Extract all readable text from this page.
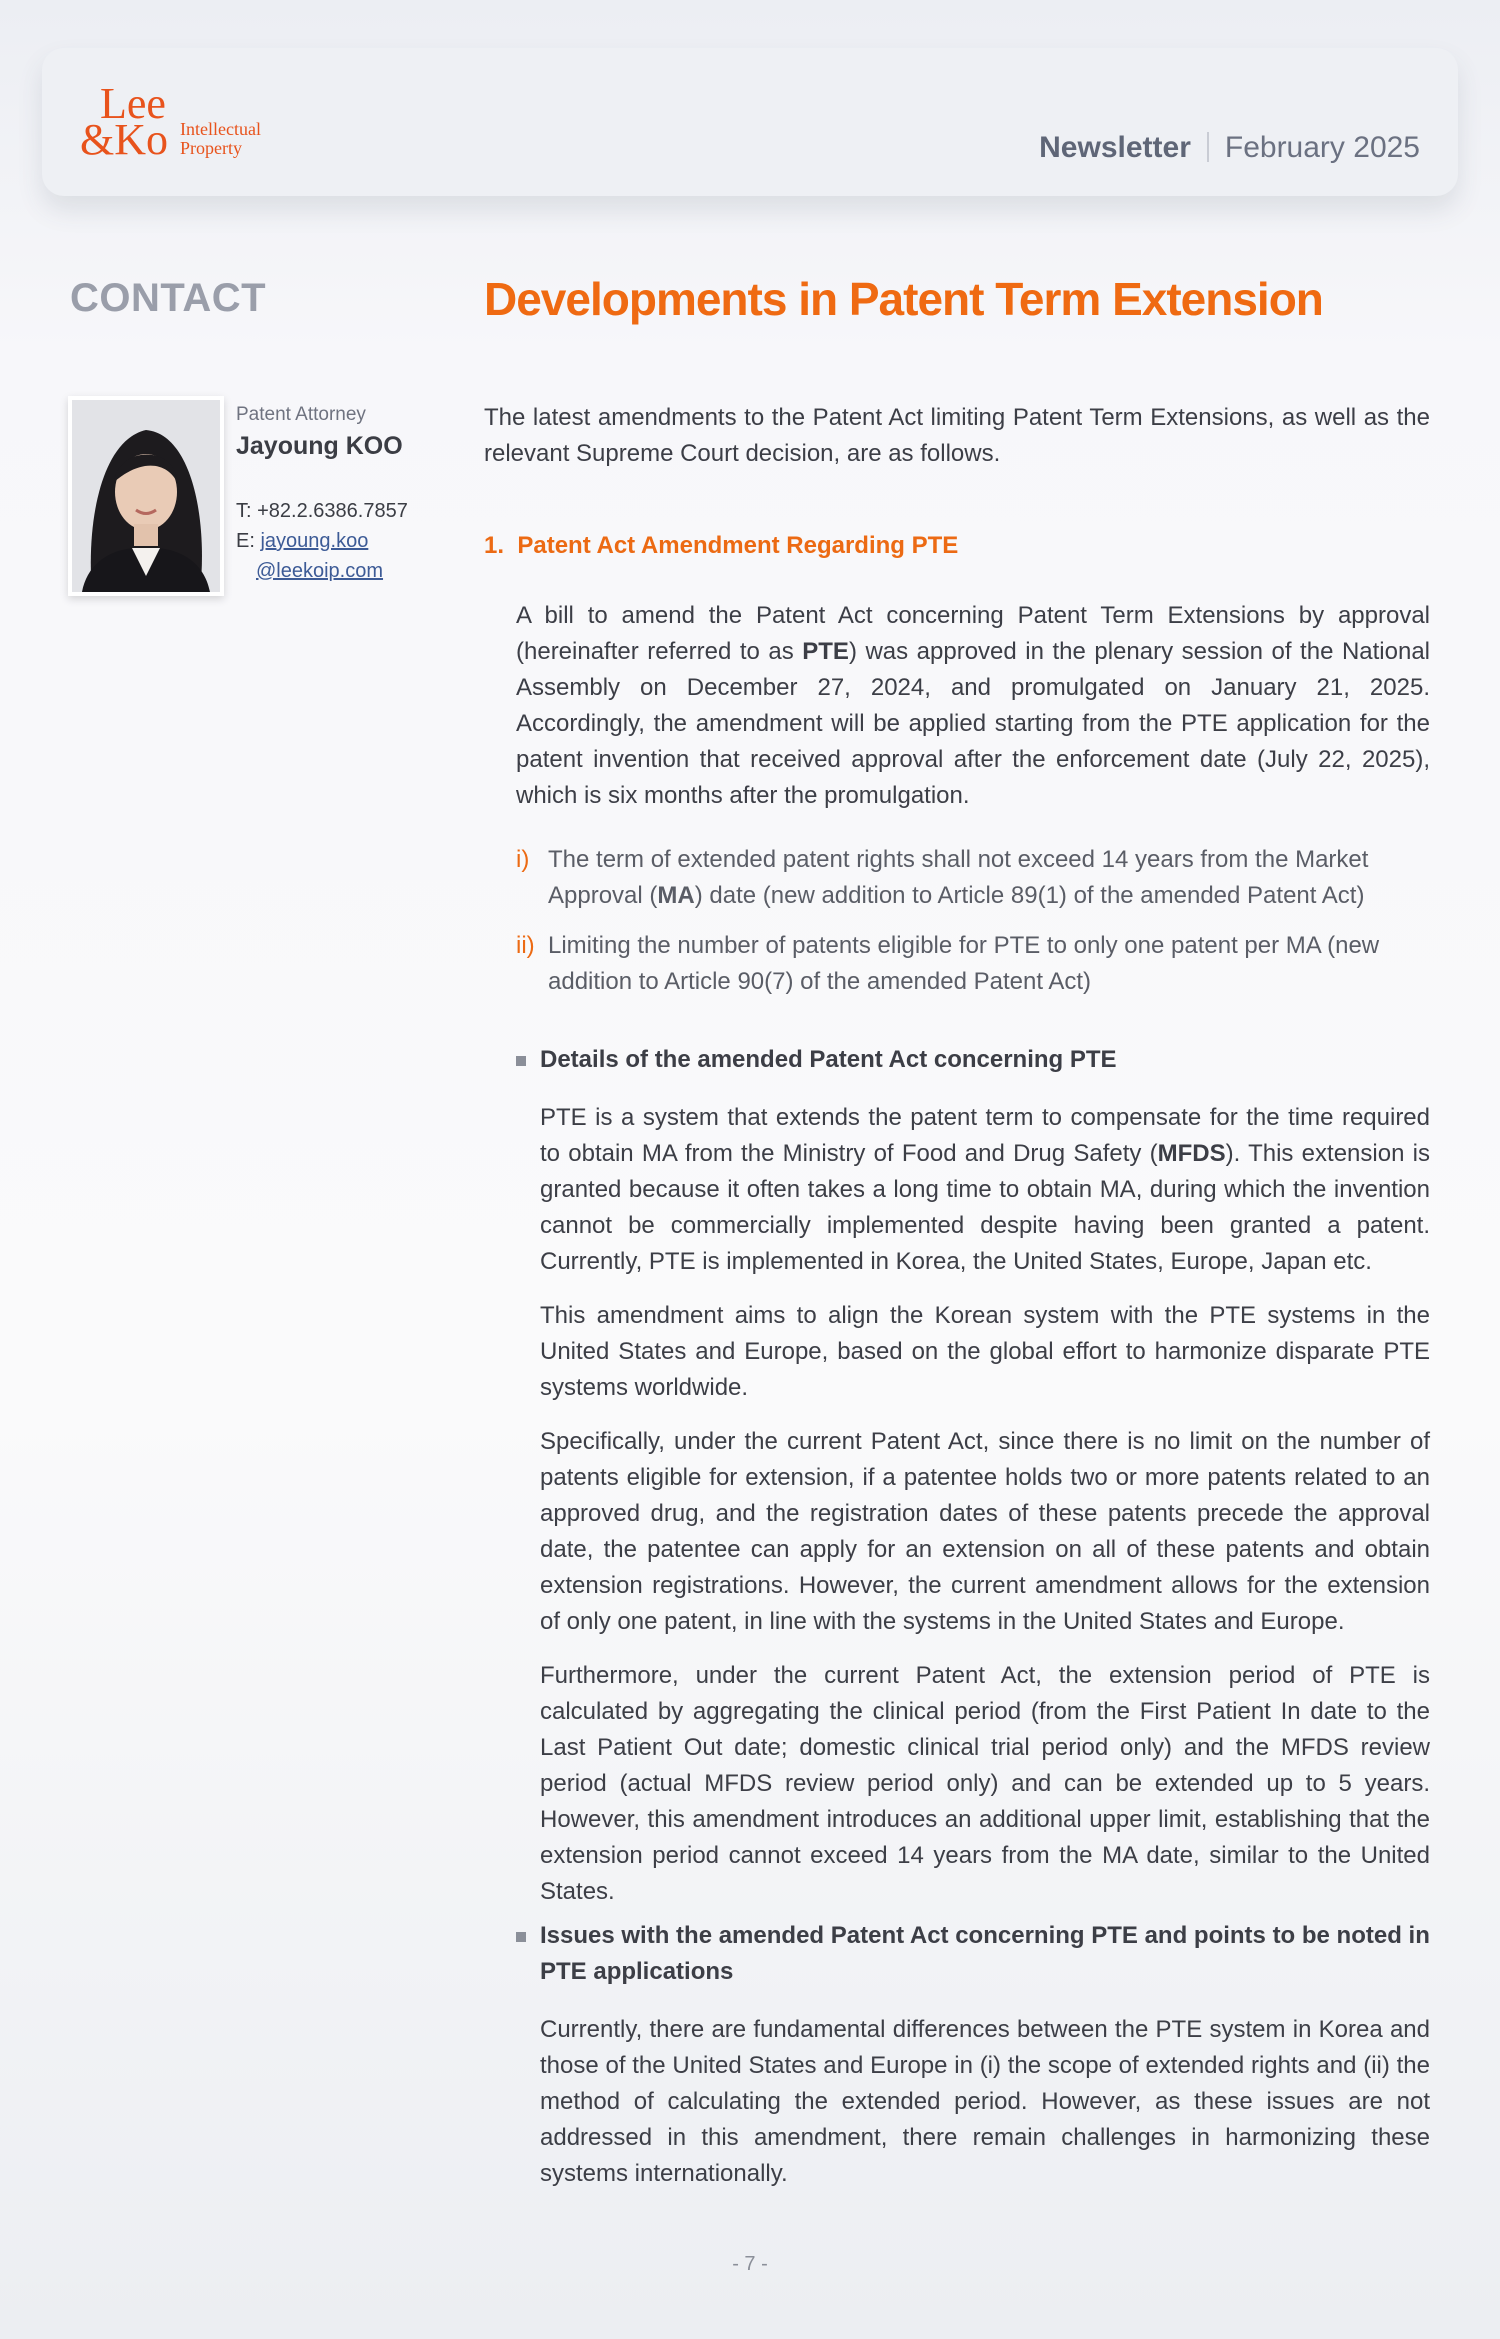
Lee
&Ko Intellectual
Property	Newsletter February 2025
CONTACT
Patent Attorney
Jayoung KOO
T: +82.2.6386.7857
E: jayoung.koo
@leekoip.com
Developments in Patent Term Extension
The latest amendments to the Patent Act limiting Patent Term Extensions, as well as the relevant Supreme Court decision, are as follows.
1. Patent Act Amendment Regarding PTE
A bill to amend the Patent Act concerning Patent Term Extensions by approval (hereinafter referred to as PTE) was approved in the plenary session of the National Assembly on December 27, 2024, and promulgated on January 21, 2025. Accordingly, the amendment will be applied starting from the PTE application for the patent invention that received approval after the enforcement date (July 22, 2025), which is six months after the promulgation.
i) The term of extended patent rights shall not exceed 14 years from the Market Approval (MA) date (new addition to Article 89(1) of the amended Patent Act)
ii) Limiting the number of patents eligible for PTE to only one patent per MA (new addition to Article 90(7) of the amended Patent Act)
Details of the amended Patent Act concerning PTE
PTE is a system that extends the patent term to compensate for the time required to obtain MA from the Ministry of Food and Drug Safety (MFDS). This extension is granted because it often takes a long time to obtain MA, during which the invention cannot be commercially implemented despite having been granted a patent. Currently, PTE is implemented in Korea, the United States, Europe, Japan etc.
This amendment aims to align the Korean system with the PTE systems in the United States and Europe, based on the global effort to harmonize disparate PTE systems worldwide.
Specifically, under the current Patent Act, since there is no limit on the number of patents eligible for extension, if a patentee holds two or more patents related to an approved drug, and the registration dates of these patents precede the approval date, the patentee can apply for an extension on all of these patents and obtain extension registrations. However, the current amendment allows for the extension of only one patent, in line with the systems in the United States and Europe.
Furthermore, under the current Patent Act, the extension period of PTE is calculated by aggregating the clinical period (from the First Patient In date to the Last Patient Out date; domestic clinical trial period only) and the MFDS review period (actual MFDS review period only) and can be extended up to 5 years. However, this amendment introduces an additional upper limit, establishing that the extension period cannot exceed 14 years from the MA date, similar to the United States.
Issues with the amended Patent Act concerning PTE and points to be noted in PTE applications
Currently, there are fundamental differences between the PTE system in Korea and those of the United States and Europe in (i) the scope of extended rights and (ii) the method of calculating the extended period. However, as these issues are not addressed in this amendment, there remain challenges in harmonizing these systems internationally.
- 7 -
